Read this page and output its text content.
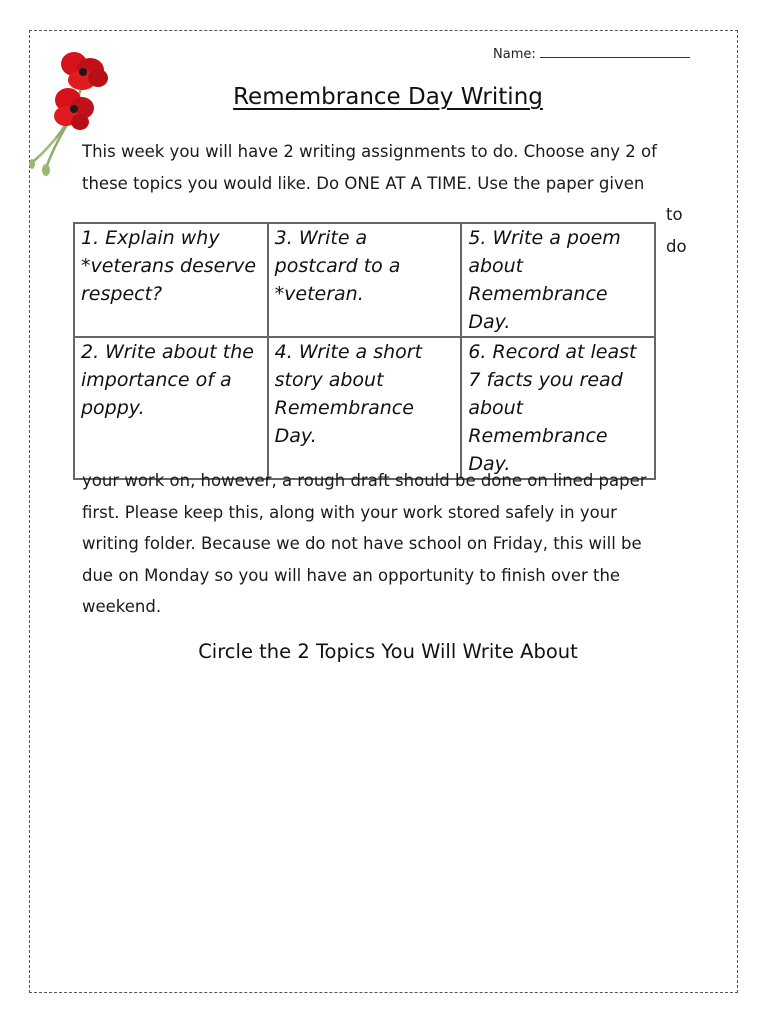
Name:
Remembrance Day Writing
This week you will have 2 writing assignments to do. Choose any 2 of
these topics you would like. Do ONE AT A TIME. Use the paper given
to
do
1. Explain why *veterans deserve respect?	3. Write a postcard to a *veteran.	5. Write a poem about Remembrance Day.
2. Write about the importance of a poppy.	4. Write a short story about Remembrance Day.	6. Record at least 7 facts you read about Remembrance Day.
your work on, however, a rough draft should be done on lined paper
first. Please keep this, along with your work stored safely in your
writing folder. Because we do not have school on Friday, this will be
due on Monday so you will have an opportunity to finish over the
weekend.
Circle the 2 Topics You Will Write About
